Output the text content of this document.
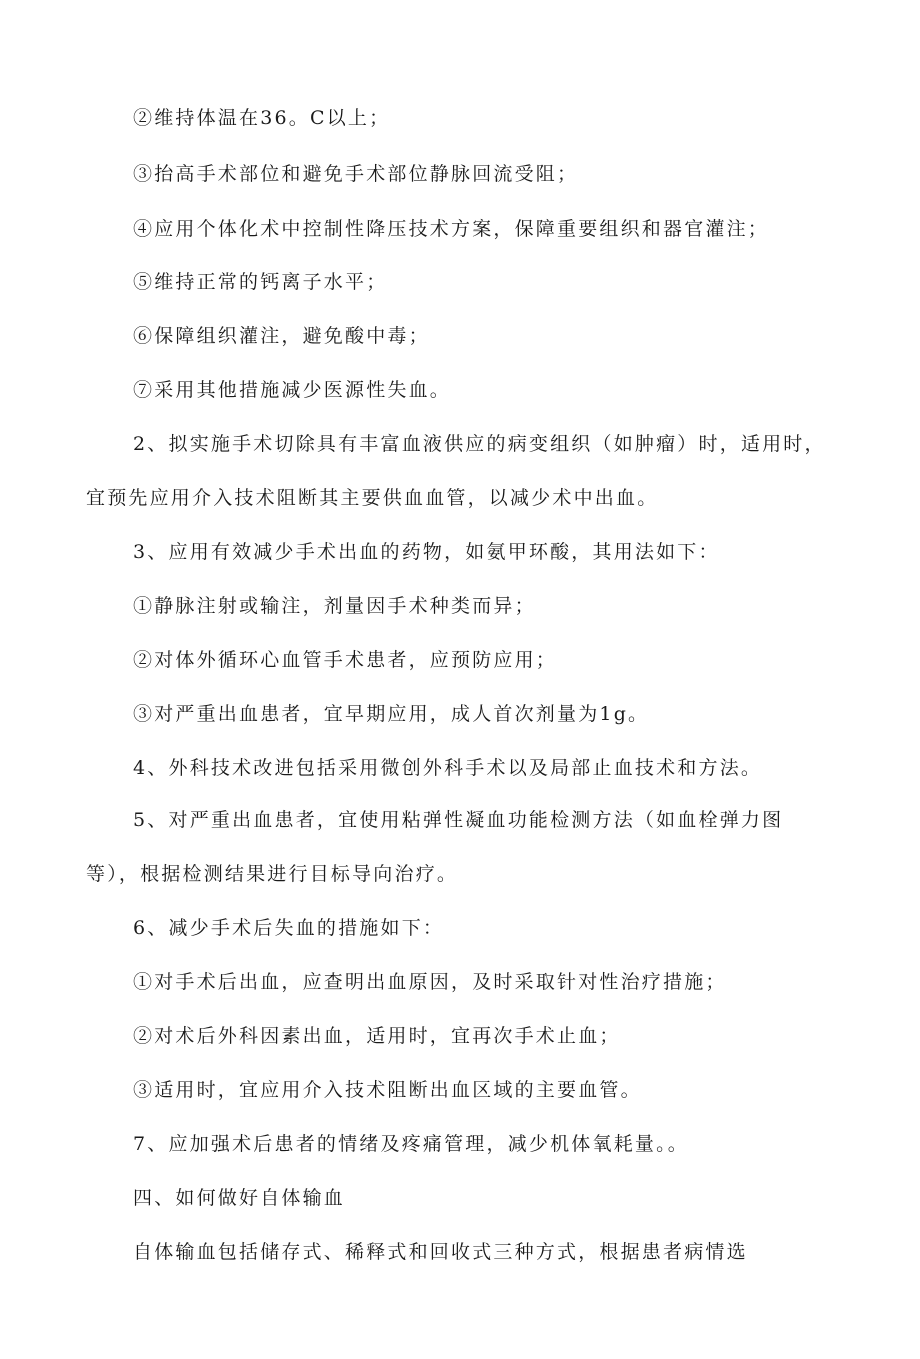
②维持体温在36。C以上；
③抬高手术部位和避免手术部位静脉回流受阻；
④应用个体化术中控制性降压技术方案，保障重要组织和器官灌注；
⑤维持正常的钙离子水平；
⑥保障组织灌注，避免酸中毒；
⑦采用其他措施减少医源性失血。
2、拟实施手术切除具有丰富血液供应的病变组织（如肿瘤）时，适用时，
宜预先应用介入技术阻断其主要供血血管，以减少术中出血。
3、应用有效减少手术出血的药物，如氨甲环酸，其用法如下：
①静脉注射或输注，剂量因手术种类而异；
②对体外循环心血管手术患者，应预防应用；
③对严重出血患者，宜早期应用，成人首次剂量为1g。
4、外科技术改进包括采用微创外科手术以及局部止血技术和方法。
5、对严重出血患者，宜使用粘弹性凝血功能检测方法（如血栓弹力图
等），根据检测结果进行目标导向治疗。
6、减少手术后失血的措施如下：
①对手术后出血，应查明出血原因，及时采取针对性治疗措施；
②对术后外科因素出血，适用时，宜再次手术止血；
③适用时，宜应用介入技术阻断出血区域的主要血管。
7、应加强术后患者的情绪及疼痛管理，减少机体氧耗量。。
四、如何做好自体输血
自体输血包括储存式、稀释式和回收式三种方式，根据患者病情选
